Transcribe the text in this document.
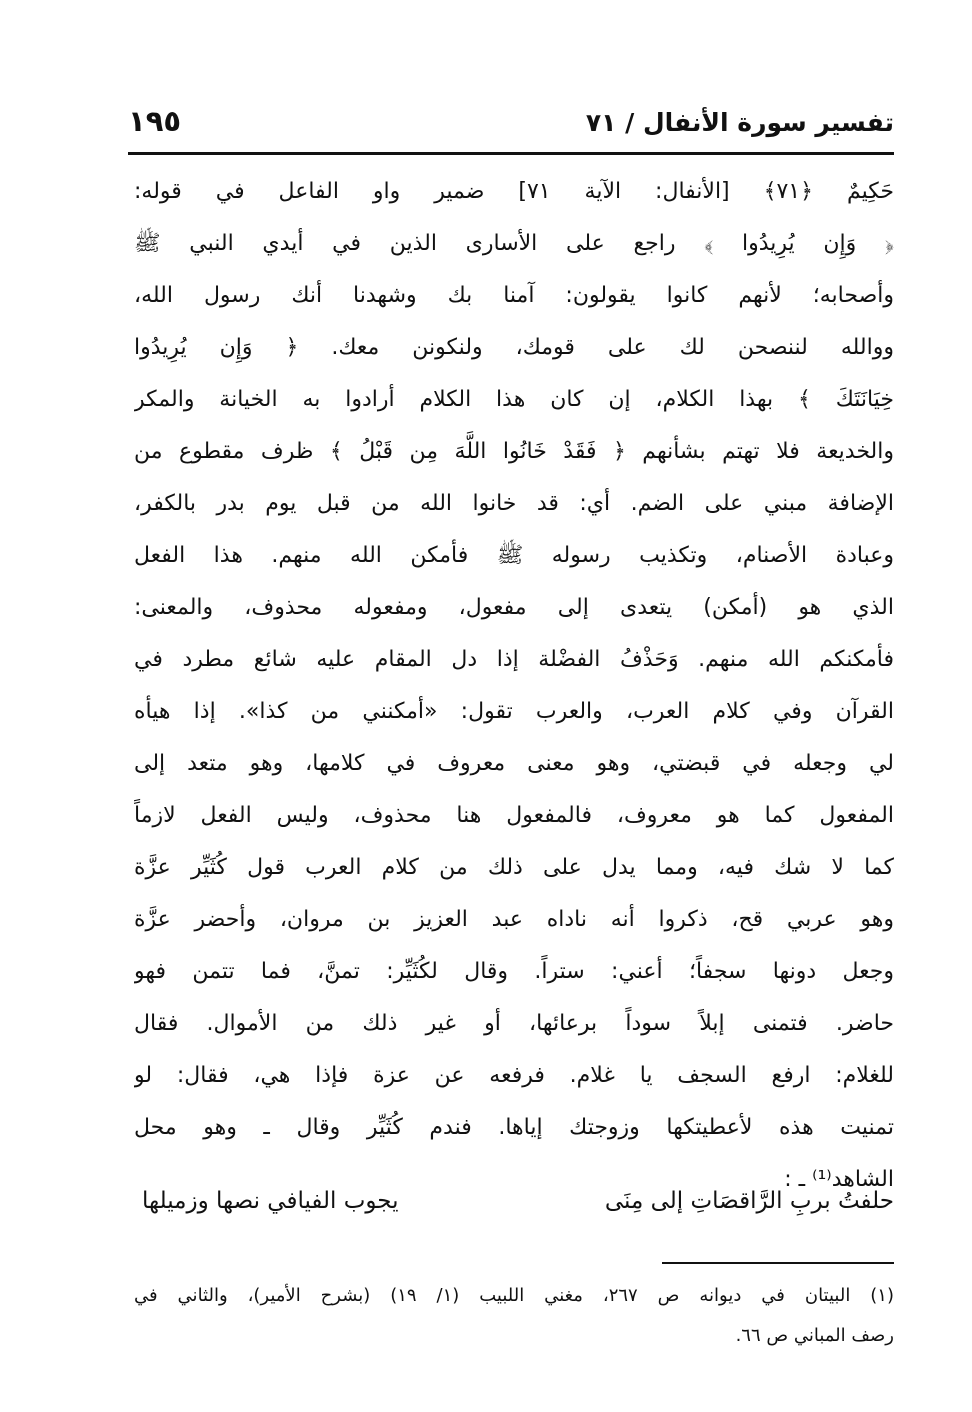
تفسير سورة الأنفال / ٧١
١٩٥
حَكِيمٌ ﴿٧١﴾ [الأنفال: الآية ٧١] ضمير واو الفاعل في قوله:
﴿ وَإِن يُرِيدُوا ﴾ راجع على الأسارى الذين في أيدي النبي ﷺ
وأصحابه؛ لأنهم كانوا يقولون: آمنا بك وشهدنا أنك رسول الله،
ووالله لننصحن لك على قومك، ولنكونن معك. ﴿ وَإِن يُرِيدُوا
خِيَانَتَكَ ﴾ بهذا الكلام، إن كان هذا الكلام أرادوا به الخيانة والمكر
والخديعة فلا تهتم بشأنهم ﴿ فَقَدْ خَانُوا اللَّهَ مِن قَبْلُ ﴾ ظرف مقطوع من
الإضافة مبني على الضم. أي: قد خانوا الله من قبل يوم بدر بالكفر،
وعبادة الأصنام، وتكذيب رسوله ﷺ فأمكن الله منهم. هذا الفعل
الذي هو (أمكن) يتعدى إلى مفعول، ومفعوله محذوف، والمعنى:
فأمكنكم الله منهم. وَحَذْفُ الفضْلة إذا دل المقام عليه شائع مطرد في
القرآن وفي كلام العرب، والعرب تقول: «أمكنني من كذا». إذا هيأه
لي وجعله في قبضتي، وهو معنى معروف في كلامها، وهو متعد إلى
المفعول كما هو معروف، فالمفعول هنا محذوف، وليس الفعل لازماً
كما لا شك فيه، ومما يدل على ذلك من كلام العرب قول كُثَيِّر عزَّة
وهو عربي قح، ذكروا أنه ناداه عبد العزيز بن مروان، وأحضر عزَّة
وجعل دونها سجفاً؛ أعني: ستراً. وقال لكُثَيِّر: تمنَّ، فما تتمن فهو
حاضر. فتمنى إبلاً سوداً برعائها، أو غير ذلك من الأموال. فقال
للغلام: ارفع السجف يا غلام. فرفعه عن عزة فإذا هي، فقال: لو
تمنيت هذه لأعطيتكها وزوجتك إياها. فندم كُثَيِّر وقال ـ وهو محل
الشاهد⁽¹⁾ ـ :
حلفتُ بربِ الرَّاقصَاتِ إلى مِنَى
يجوب الفيافي نصها وزميلها
(١) البيتان في ديوانه ص ٢٦٧، مغني اللبيب (١/ ١٩) (بشرح الأمير)، والثاني في
رصف المباني ص ٦٦.
